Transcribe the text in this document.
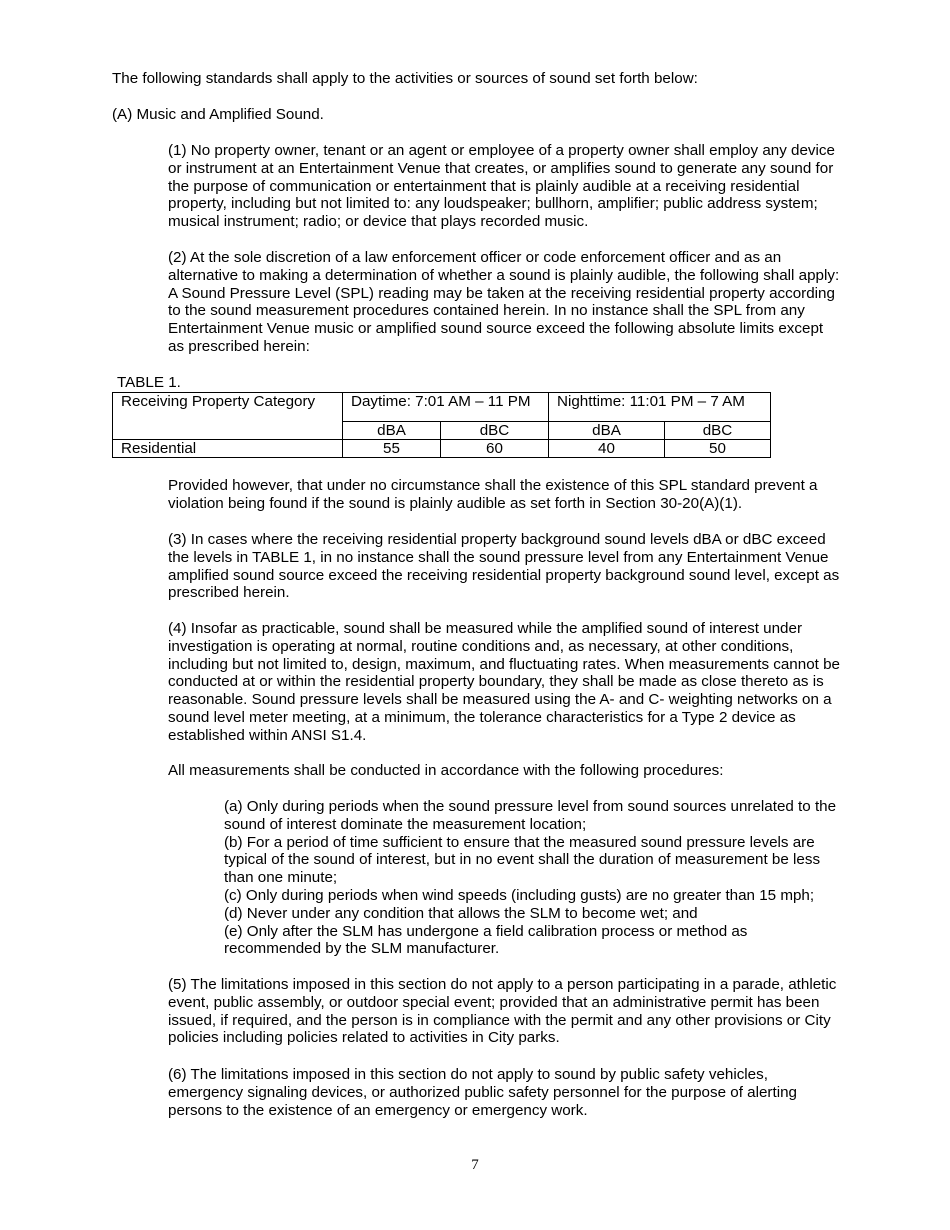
The following standards shall apply to the activities or sources of sound set forth below:

(A) Music and Amplified Sound.

(1) No property owner, tenant or an agent or employee of a property owner shall employ any device or instrument at an Entertainment Venue that creates, or amplifies sound to generate any sound for the purpose of communication or entertainment that is plainly audible at a receiving residential property, including but not limited to: any loudspeaker; bullhorn, amplifier; public address system; musical instrument; radio; or device that plays recorded music.

(2) At the sole discretion of a law enforcement officer or code enforcement officer and as an alternative to making a determination of whether a sound is plainly audible, the following shall apply: A Sound Pressure Level (SPL) reading may be taken at the receiving residential property according to the sound measurement procedures contained herein. In no instance shall the SPL from any Entertainment Venue music or amplified sound source exceed the following absolute limits except as prescribed herein:

TABLE 1.

Receiving Property Category	Daytime: 7:01 AM – 11 PM		Nighttime: 11:01 PM – 7 AM	
	dBA	dBC	dBA	dBC
Residential	55	60	40	50

Provided however, that under no circumstance shall the existence of this SPL standard prevent a violation being found if the sound is plainly audible as set forth in Section 30-20(A)(1).

(3) In cases where the receiving residential property background sound levels dBA or dBC exceed the levels in TABLE 1, in no instance shall the sound pressure level from any Entertainment Venue amplified sound source exceed the receiving residential property background sound level, except as prescribed herein.

(4) Insofar as practicable, sound shall be measured while the amplified sound of interest under investigation is operating at normal, routine conditions and, as necessary, at other conditions, including but not limited to, design, maximum, and fluctuating rates. When measurements cannot be conducted at or within the residential property boundary, they shall be made as close thereto as is reasonable. Sound pressure levels shall be measured using the A- and C- weighting networks on a sound level meter meeting, at a minimum, the tolerance characteristics for a Type 2 device as established within ANSI S1.4.

All measurements shall be conducted in accordance with the following procedures:

(a) Only during periods when the sound pressure level from sound sources unrelated to the sound of interest dominate the measurement location;
(b) For a period of time sufficient to ensure that the measured sound pressure levels are typical of the sound of interest, but in no event shall the duration of measurement be less than one minute;
(c) Only during periods when wind speeds (including gusts) are no greater than 15 mph;
(d) Never under any condition that allows the SLM to become wet; and
(e) Only after the SLM has undergone a field calibration process or method as recommended by the SLM manufacturer.

(5) The limitations imposed in this section do not apply to a person participating in a parade, athletic event, public assembly, or outdoor special event; provided that an administrative permit has been issued, if required, and the person is in compliance with the permit and any other provisions or City policies including policies related to activities in City parks.

(6) The limitations imposed in this section do not apply to sound by public safety vehicles, emergency signaling devices, or authorized public safety personnel for the purpose of alerting persons to the existence of an emergency or emergency work.

7
